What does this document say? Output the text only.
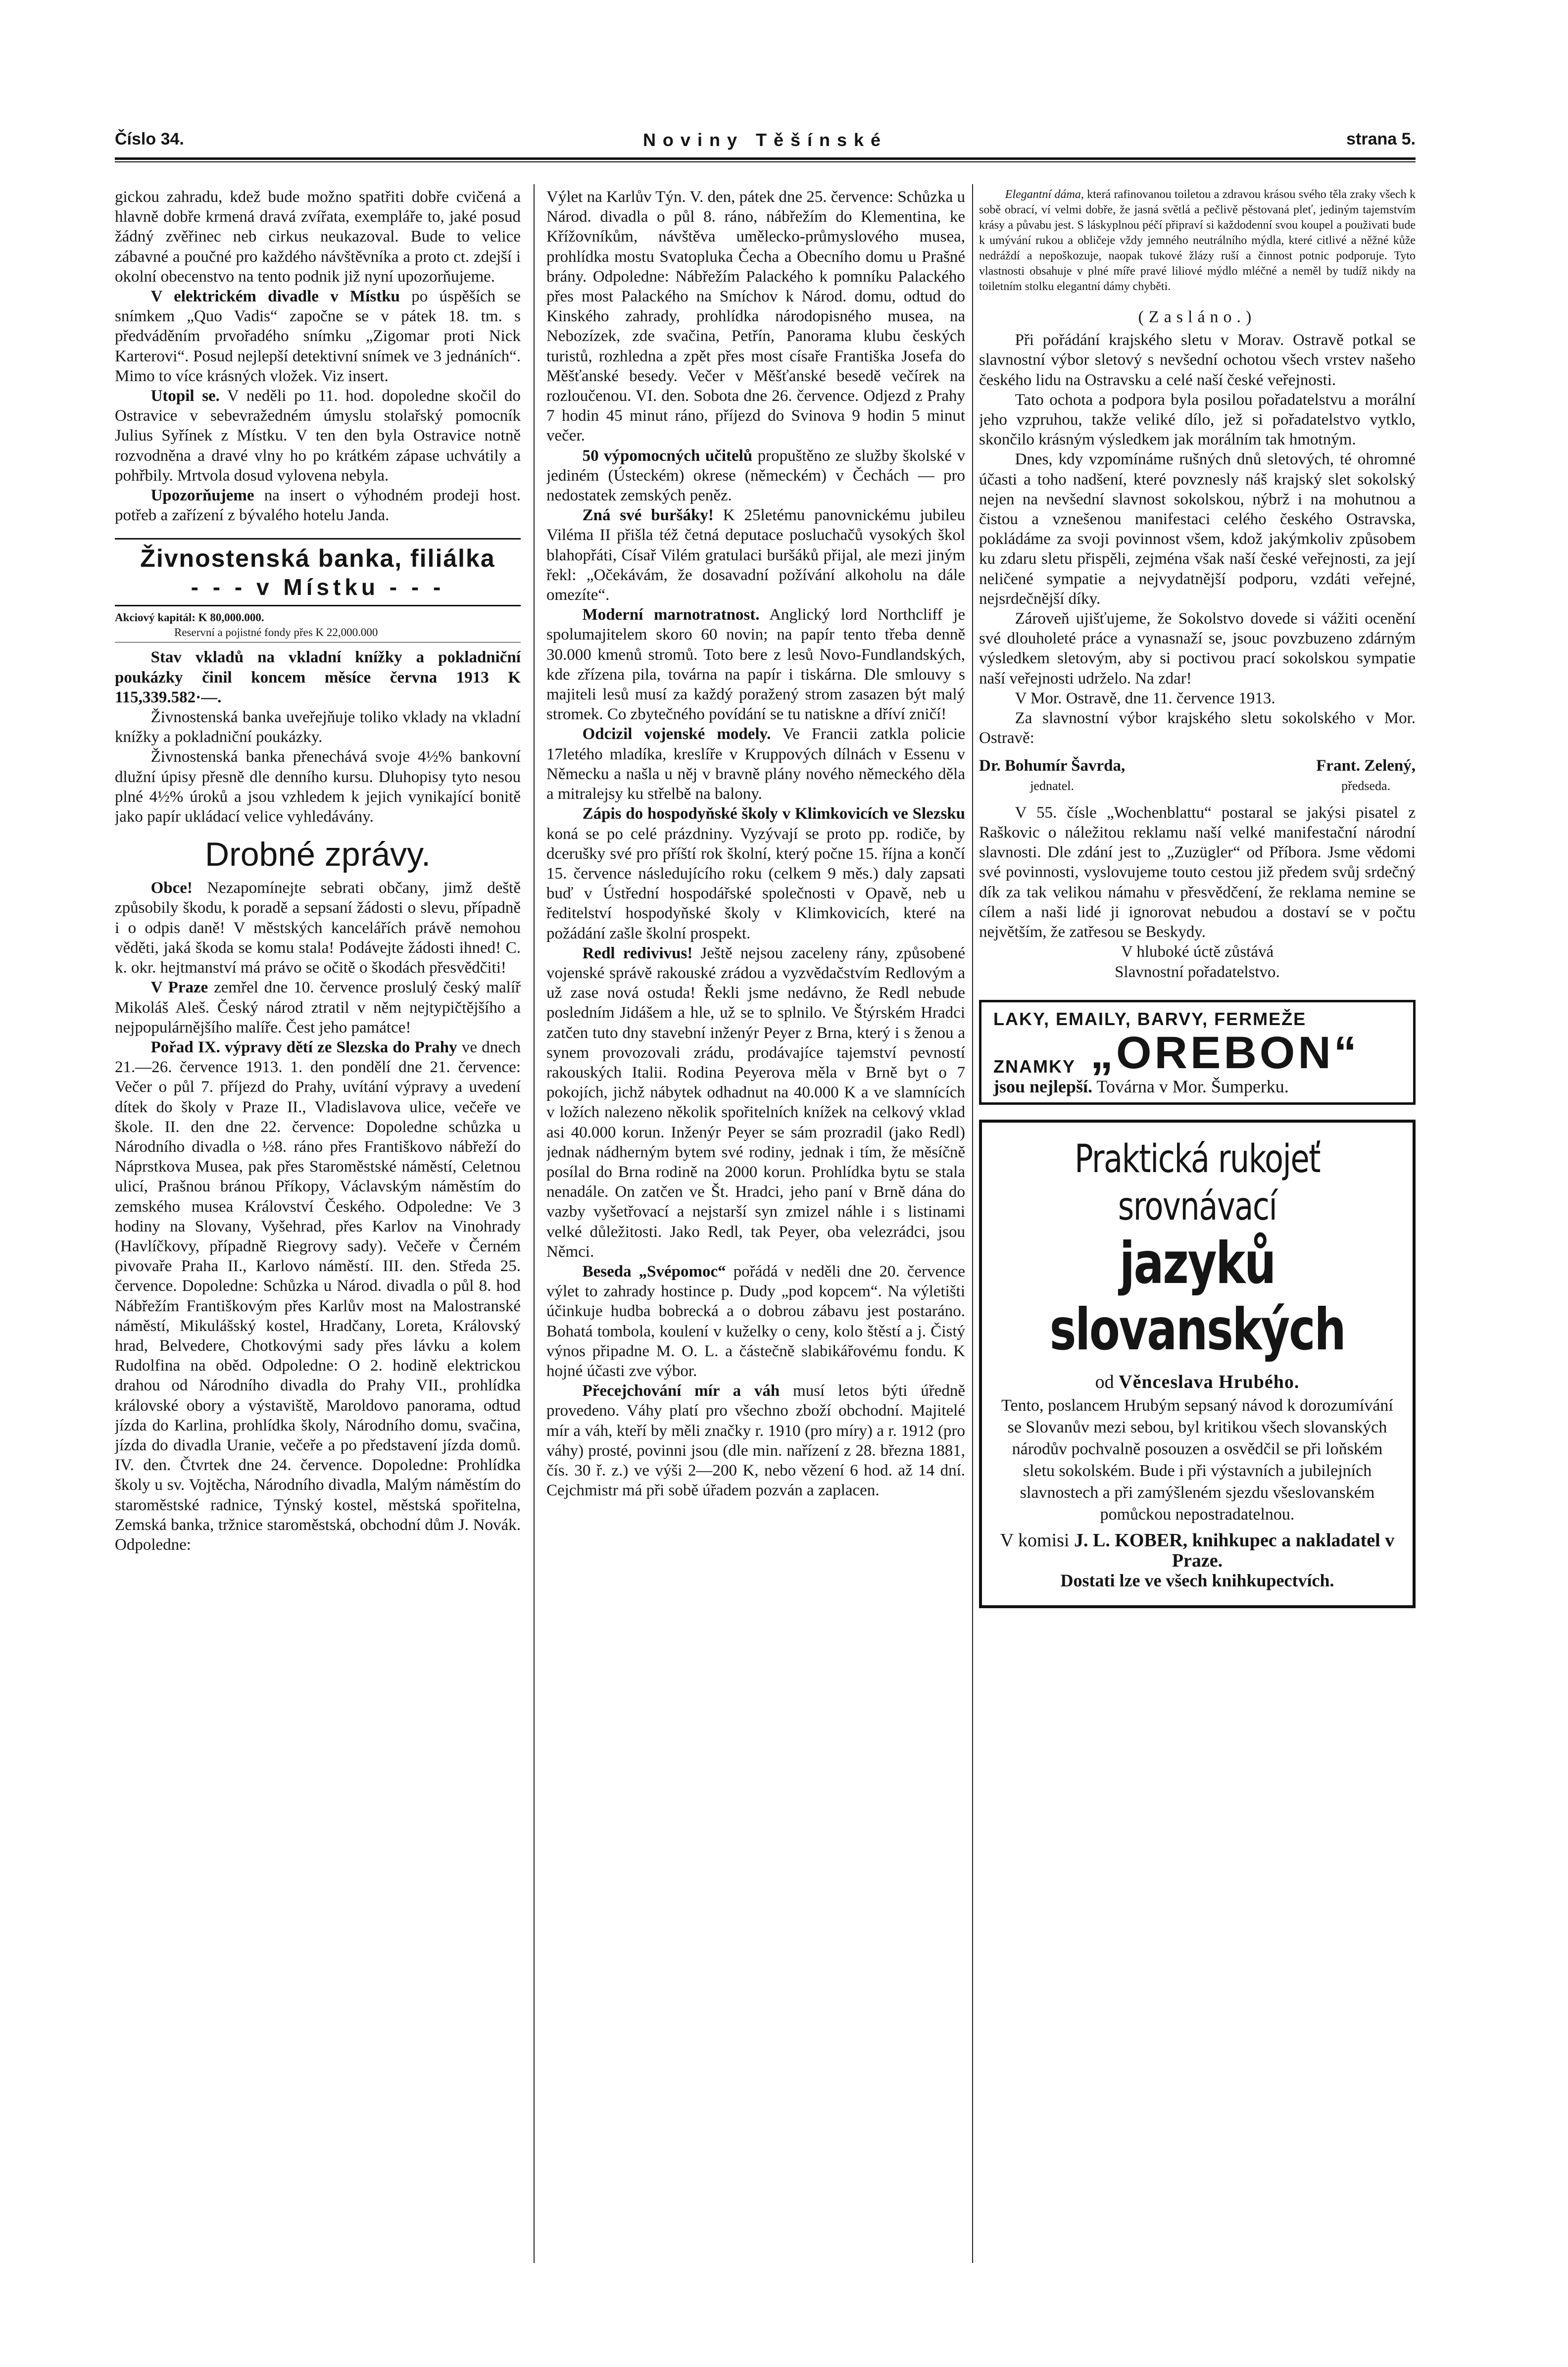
Číslo 34.	Noviny Těšínské	strana 5.

gickou zahradu, kdež bude možno spatřiti dobře cvičená a hlavně dobře krmená dravá zvířata, exempláře to, jaké posud žádný zvěřinec neb cirkus neukazoval. Bude to velice zábavné a poučné pro každého návštěvníka a proto ct. zdejší i okolní obecenstvo na tento podnik již nyní upozorňujeme.

V elektrickém divadle v Místku po úspěších se snímkem „Quo Vadis“ započne se v pátek 18. tm. s předváděním prvořadého snímku „Zigomar proti Nick Karterovi“. Posud nejlepší detektivní snímek ve 3 jednáních“. Mimo to více krásných vložek. Viz insert.

Utopil se. V neděli po 11. hod. dopoledne skočil do Ostravice v sebevražedném úmyslu stolařský pomocník Julius Syřínek z Místku. V ten den byla Ostravice notně rozvodněna a dravé vlny ho po krátkém zápase uchvátily a pohřbily. Mrtvola dosud vylovena nebyla.

Upozorňujeme na insert o výhodném prodeji host. potřeb a zařízení z bývalého hotelu Janda.

Živnostenská banka, filiálka
- - - v Místku - - -

Akciový kapitál: K 80,000.000.

Reservní a pojistné fondy přes K 22,000.000

Stav vkladů na vkladní knížky a pokladniční poukázky činil koncem měsíce června 1913 K 115,339.582·—.

Živnostenská banka uveřejňuje toliko vklady na vkladní knížky a pokladniční poukázky.

Živnostenská banka přenechává svoje 4½% bankovní dlužní úpisy přesně dle denního kursu. Dluhopisy tyto nesou plné 4½% úroků a jsou vzhledem k jejich vynikající bonitě jako papír ukládací velice vyhledávány.

Drobné zprávy.

Obce! Nezapomínejte sebrati občany, jimž deště způsobily škodu, k poradě a sepsaní žádosti o slevu, případně i o odpis daně! V městských kancelářích právě nemohou věděti, jaká škoda se komu stala! Podávejte žádosti ihned! C. k. okr. hejtmanství má právo se očitě o škodách přesvědčiti!

V Praze zemřel dne 10. července proslulý český malíř Mikoláš Aleš. Český národ ztratil v něm nejtypičtějšího a nejpopulárnějšího malíře. Čest jeho památce!

Pořad IX. výpravy dětí ze Slezska do Prahy ve dnech 21.—26. července 1913. 1. den pondělí dne 21. července: Večer o půl 7. příjezd do Prahy, uvítání výpravy a uvedení dítek do školy v Praze II., Vladislavova ulice, večeře ve škole. II. den dne 22. července: Dopoledne schůzka u Národního divadla o ½8. ráno přes Františkovo nábřeží do Náprstkova Musea, pak přes Staroměstské náměstí, Celetnou ulicí, Prašnou bránou Příkopy, Václavským náměstím do zemského musea Království Českého. Odpoledne: Ve 3 hodiny na Slovany, Vyšehrad, přes Karlov na Vinohrady (Havlíčkovy, případně Riegrovy sady). Večeře v Černém pivovaře Praha II., Karlovo náměstí. III. den. Středa 25. července. Dopoledne: Schůzka u Národ. divadla o půl 8. hod Nábřežím Františkovým přes Karlův most na Malostranské náměstí, Mikulášský kostel, Hradčany, Loreta, Královský hrad, Belvedere, Chotkovými sady přes lávku a kolem Rudolfina na oběd. Odpoledne: O 2. hodině elektrickou drahou od Národního divadla do Prahy VII., prohlídka královské obory a výstaviště, Maroldovo panorama, odtud jízda do Karlina, prohlídka školy, Národního domu, svačina, jízda do divadla Uranie, večeře a po představení jízda domů. IV. den. Čtvrtek dne 24. července. Dopoledne: Prohlídka školy u sv. Vojtěcha, Národního divadla, Malým náměstím do staroměstské radnice, Týnský kostel, městská spořitelna, Zemská banka, tržnice staroměstská, obchodní dům J. Novák. Odpoledne:

Výlet na Karlův Týn. V. den, pátek dne 25. července: Schůzka u Národ. divadla o půl 8. ráno, nábřežím do Klementina, ke Křížovníkům, návštěva umělecko-průmyslového musea, prohlídka mostu Svatopluka Čecha a Obecního domu u Prašné brány. Odpoledne: Nábřežím Palackého k pomníku Palackého přes most Palackého na Smíchov k Národ. domu, odtud do Kinského zahrady, prohlídka národopisného musea, na Nebozízek, zde svačina, Petřín, Panorama klubu českých turistů, rozhledna a zpět přes most císaře Františka Josefa do Měšťanské besedy. Večer v Měšťanské besedě večírek na rozloučenou. VI. den. Sobota dne 26. července. Odjezd z Prahy 7 hodin 45 minut ráno, příjezd do Svinova 9 hodin 5 minut večer.

50 výpomocných učitelů propuštěno ze služby školské v jediném (Ústeckém) okrese (německém) v Čechách — pro nedostatek zemských peněz.

Zná své buršáky! K 25letému panovnickému jubileu Viléma II přišla též četná deputace posluchačů vysokých škol blahopřáti, Císař Vilém gratulaci buršáků přijal, ale mezi jiným řekl: „Očekávám, že dosavadní požívání alkoholu na dále omezíte“.

Moderní marnotratnost. Anglický lord Northcliff je spolumajitelem skoro 60 novin; na papír tento třeba denně 30.000 kmenů stromů. Toto bere z lesů Novo-Fundlandských, kde zřízena pila, továrna na papír i tiskárna. Dle smlouvy s majiteli lesů musí za každý poražený strom zasazen být malý stromek. Co zbytečného povídání se tu natiskne a dříví zničí!

Odcizil vojenské modely. Ve Francii zatkla policie 17letého mladíka, kreslíře v Kruppových dílnách v Essenu v Německu a našla u něj v bravně plány nového německého děla a mitralejsy ku střelbě na balony.

Zápis do hospodyňské školy v Klimkovicích ve Slezsku koná se po celé prázdniny. Vyzývají se proto pp. rodiče, by dcerušky své pro příští rok školní, který počne 15. října a končí 15. července následujícího roku (celkem 9 měs.) daly zapsati buď v Ústřední hospodářské společnosti v Opavě, neb u ředitelství hospodyňské školy v Klimkovicích, které na požádání zašle školní prospekt.

Redl redivivus! Ještě nejsou zaceleny rány, způsobené vojenské správě rakouské zrádou a vyzvědačstvím Redlovým a už zase nová ostuda! Řekli jsme nedávno, že Redl nebude posledním Jidášem a hle, už se to splnilo. Ve Štýrském Hradci zatčen tuto dny stavební inženýr Peyer z Brna, který i s ženou a synem provozovali zrádu, prodávajíce tajemství pevností rakouských Italii. Rodina Peyerova měla v Brně byt o 7 pokojích, jichž nábytek odhadnut na 40.000 K a ve slamnících v ložích nalezeno několik spořitelních knížek na celkový vklad asi 40.000 korun. Inženýr Peyer se sám prozradil (jako Redl) jednak nádherným bytem své rodiny, jednak i tím, že měsíčně posílal do Brna rodině na 2000 korun. Prohlídka bytu se stala nenadále. On zatčen ve Št. Hradci, jeho paní v Brně dána do vazby vyšetřovací a nejstarší syn zmizel náhle i s listinami velké důležitosti. Jako Redl, tak Peyer, oba velezrádci, jsou Němci.

Beseda „Svépomoc“ pořádá v neděli dne 20. července výlet to zahrady hostince p. Dudy „pod kopcem“. Na výletišti účinkuje hudba bobrecká a o dobrou zábavu jest postaráno. Bohatá tombola, koulení v kuželky o ceny, kolo štěstí a j. Čistý výnos připadne M. O. L. a částečně slabikářovému fondu. K hojné účasti zve výbor.

Přecejchování mír a váh musí letos býti úředně provedeno. Váhy platí pro všechno zboží obchodní. Majitelé mír a váh, kteří by měli značky r. 1910 (pro míry) a r. 1912 (pro váhy) prosté, povinni jsou (dle min. nařízení z 28. března 1881, čís. 30 ř. z.) ve výši 2—200 K, nebo vězení 6 hod. až 14 dní. Cejchmistr má při sobě úřadem pozván a zaplacen.

Elegantní dáma, která rafinovanou toiletou a zdravou krásou svého těla zraky všech k sobě obrací, ví velmi dobře, že jasná světlá a pečlivě pěstovaná pleť, jediným tajemstvím krásy a půvabu jest. S láskyplnou péčí připraví si každodenní svou koupel a použivati bude k umývání rukou a obličeje vždy jemného neutrálního mýdla, které citlivé a něžné kůže nedráždí a nepoškozuje, naopak tukové žlázy ruší a činnost potnic podporuje. Tyto vlastnosti obsahuje v plné míře pravé liliové mýdlo mléčné a neměl by tudíž nikdy na toiletním stolku elegantní dámy chyběti.

(Zasláno.)

Při pořádání krajského sletu v Morav. Ostravě potkal se slavnostní výbor sletový s nevšední ochotou všech vrstev našeho českého lidu na Ostravsku a celé naší české veřejnosti.

Tato ochota a podpora byla posilou pořadatelstvu a morální jeho vzpruhou, takže veliké dílo, jež si pořadatelstvo vytklo, skončilo krásným výsledkem jak morálním tak hmotným.

Dnes, kdy vzpomínáme rušných dnů sletových, té ohromné účasti a toho nadšení, které povznesly náš krajský slet sokolský nejen na nevšední slavnost sokolskou, nýbrž i na mohutnou a čistou a vznešenou manifestaci celého českého Ostravska, pokládáme za svoji povinnost všem, kdož jakýmkoliv způsobem ku zdaru sletu přispěli, zejména však naší české veřejnosti, za její neličené sympatie a nejvydatnější podporu, vzdáti veřejné, nejsrdečnější díky.

Zároveň ujišťujeme, že Sokolstvo dovede si vážiti ocenění své dlouholeté práce a vynasnaží se, jsouc povzbuzeno zdárným výsledkem sletovým, aby si poctivou prací sokolskou sympatie naší veřejnosti udrželo. Na zdar!

V Mor. Ostravě, dne 11. července 1913.

Za slavnostní výbor krajského sletu sokolského v Mor. Ostravě:

Dr. Bohumír Šavrda,
jednatel.
Frant. Zelený,
předseda.

V 55. čísle „Wochenblattu“ postaral se jakýsi pisatel z Raškovic o náležitou reklamu naší velké manifestační národní slavnosti. Dle zdání jest to „Zuzügler“ od Příbora. Jsme vědomi své povinnosti, vyslovujeme touto cestou již předem svůj srdečný dík za tak velikou námahu v přesvědčení, že reklama nemine se cílem a naši lidé ji ignorovat nebudou a dostaví se v počtu největším, že zatřesou se Beskydy.

V hluboké úctě zůstává

Slavnostní pořadatelstvo.

LAKY, EMAILY, BARVY, FERMEŽE
ZNAMKY „OREBON“
jsou nejlepší. Továrna v Mor. Šumperku.
Praktická rukojeť srovnávací
jazyků slovanských
od Věnceslava Hrubého.
Tento, poslancem Hrubým sepsaný návod k dorozumívání se Slovanův mezi sebou, byl kritikou všech slovanských národův pochvalně posouzen a osvědčil se při loňském sletu sokolském. Bude i při výstavních a jubilejních slavnostech a při zamýšleném sjezdu všeslovanském pomůckou nepostradatelnou.
V komisi J. L. KOBER, knihkupec a nakladatel v Praze.
Dostati lze ve všech knihkupectvích.
